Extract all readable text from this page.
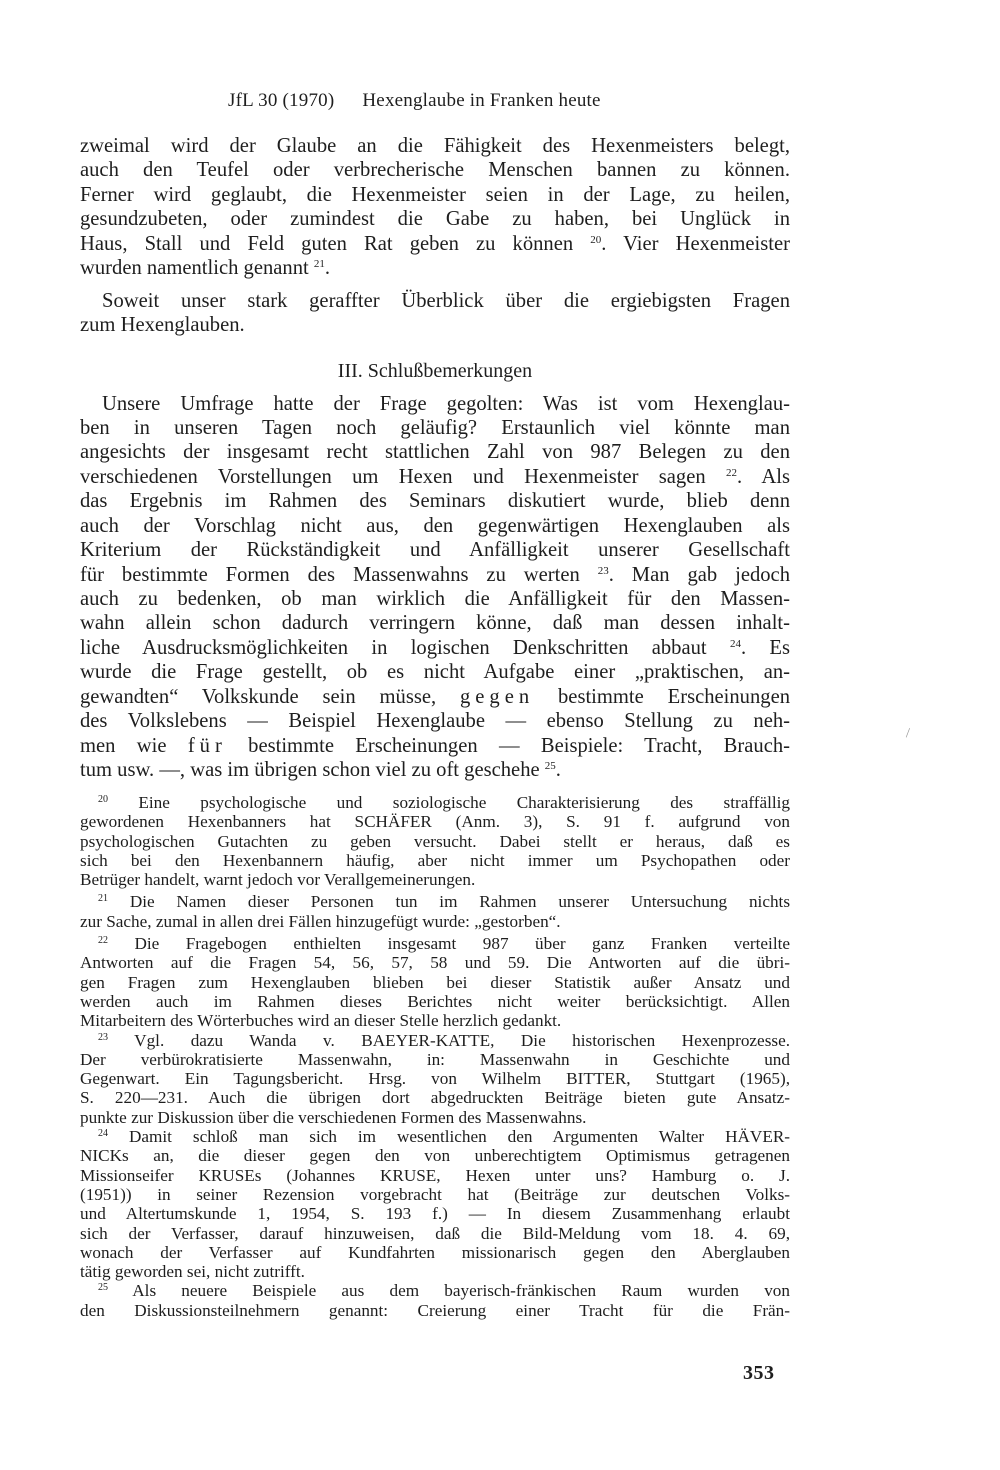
JfL 30 (1970) Hexenglaube in Franken heute
zweimal wird der Glaube an die Fähigkeit des Hexenmeisters belegt,
auch den Teufel oder verbrecherische Menschen bannen zu können.
Ferner wird geglaubt, die Hexenmeister seien in der Lage, zu heilen,
gesundzubeten, oder zumindest die Gabe zu haben, bei Unglück in
Haus, Stall und Feld guten Rat geben zu können $^{20}$. Vier Hexenmeister
wurden namentlich genannt $^{21}$.
Soweit unser stark geraffter Überblick über die ergiebigsten Fragen
zum Hexenglauben.
III. Schlußbemerkungen
Unsere Umfrage hatte der Frage gegolten: Was ist vom Hexenglau-
ben in unseren Tagen noch geläufig? Erstaunlich viel könnte man
angesichts der insgesamt recht stattlichen Zahl von 987 Belegen zu den
verschiedenen Vorstellungen um Hexen und Hexenmeister sagen $^{22}$. Als
das Ergebnis im Rahmen des Seminars diskutiert wurde, blieb denn
auch der Vorschlag nicht aus, den gegenwärtigen Hexenglauben als
Kriterium der Rückständigkeit und Anfälligkeit unserer Gesellschaft
für bestimmte Formen des Massenwahns zu werten $^{23}$. Man gab jedoch
auch zu bedenken, ob man wirklich die Anfälligkeit für den Massen-
wahn allein schon dadurch verringern könne, daß man dessen inhalt-
liche Ausdrucksmöglichkeiten in logischen Denkschritten abbaut $^{24}$. Es
wurde die Frage gestellt, ob es nicht Aufgabe einer „praktischen, an-
gewandten“ Volkskunde sein müsse, gegen bestimmte Erscheinungen
des Volkslebens — Beispiel Hexenglaube — ebenso Stellung zu neh-
men wie für bestimmte Erscheinungen — Beispiele: Tracht, Brauch-
tum usw. —, was im übrigen schon viel zu oft geschehe $^{25}$.
$^{20}$ Eine psychologische und soziologische Charakterisierung des straffällig
gewordenen Hexenbanners hat SCHÄFER (Anm. 3), S. 91 f. aufgrund von
psychologischen Gutachten zu geben versucht. Dabei stellt er heraus, daß es
sich bei den Hexenbannern häufig, aber nicht immer um Psychopathen oder
Betrüger handelt, warnt jedoch vor Verallgemeinerungen.
$^{21}$ Die Namen dieser Personen tun im Rahmen unserer Untersuchung nichts
zur Sache, zumal in allen drei Fällen hinzugefügt wurde: „gestorben“.
$^{22}$ Die Fragebogen enthielten insgesamt 987 über ganz Franken verteilte
Antworten auf die Fragen 54, 56, 57, 58 und 59. Die Antworten auf die übri-
gen Fragen zum Hexenglauben blieben bei dieser Statistik außer Ansatz und
werden auch im Rahmen dieses Berichtes nicht weiter berücksichtigt. Allen
Mitarbeitern des Wörterbuches wird an dieser Stelle herzlich gedankt.
$^{23}$ Vgl. dazu Wanda v. BAEYER-KATTE, Die historischen Hexenprozesse.
Der verbürokratisierte Massenwahn, in: Massenwahn in Geschichte und
Gegenwart. Ein Tagungsbericht. Hrsg. von Wilhelm BITTER, Stuttgart (1965),
S. 220—231. Auch die übrigen dort abgedruckten Beiträge bieten gute Ansatz-
punkte zur Diskussion über die verschiedenen Formen des Massenwahns.
$^{24}$ Damit schloß man sich im wesentlichen den Argumenten Walter HÄVER-
NICKs an, die dieser gegen den von unberechtigtem Optimismus getragenen
Missionseifer KRUSEs (Johannes KRUSE, Hexen unter uns? Hamburg o. J.
(1951)) in seiner Rezension vorgebracht hat (Beiträge zur deutschen Volks-
und Altertumskunde 1, 1954, S. 193 f.) — In diesem Zusammenhang erlaubt
sich der Verfasser, darauf hinzuweisen, daß die Bild-Meldung vom 18. 4. 69,
wonach der Verfasser auf Kundfahrten missionarisch gegen den Aberglauben
tätig geworden sei, nicht zutrifft.
$^{25}$ Als neuere Beispiele aus dem bayerisch-fränkischen Raum wurden von
den Diskussionsteilnehmern genannt: Creierung einer Tracht für die Frän-
353
\
